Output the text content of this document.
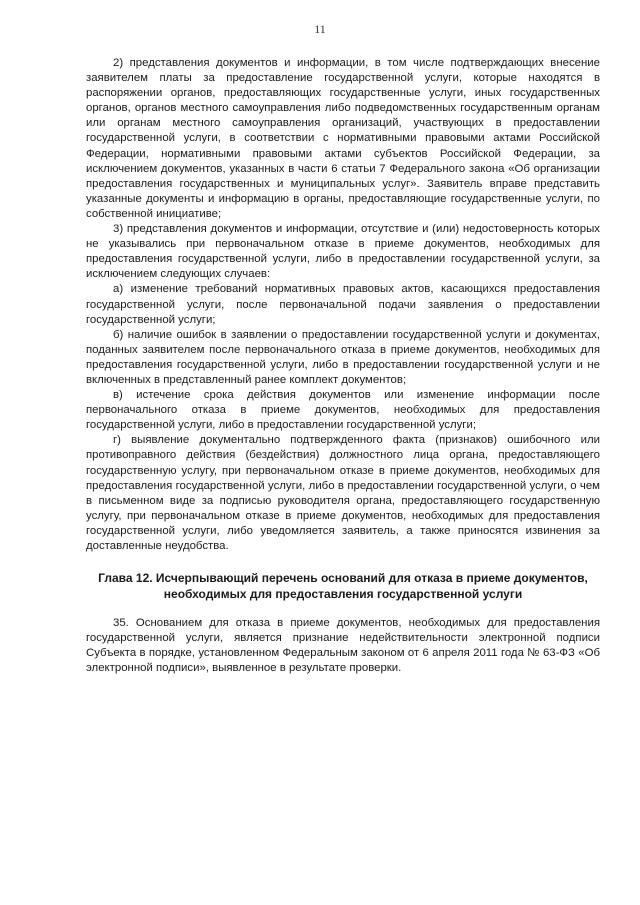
11

2) представления документов и информации, в том числе подтверждающих внесение заявителем платы за предоставление государственной услуги, которые находятся в распоряжении органов, предоставляющих государственные услуги, иных государственных органов, органов местного самоуправления либо подведомственных государственным органам или органам местного самоуправления организаций, участвующих в предоставлении государственной услуги, в соответствии с нормативными правовыми актами Российской Федерации, нормативными правовыми актами субъектов Российской Федерации, за исключением документов, указанных в части 6 статьи 7 Федерального закона «Об организации предоставления государственных и муниципальных услуг». Заявитель вправе представить указанные документы и информацию в органы, предоставляющие государственные услуги, по собственной инициативе;

3) представления документов и информации, отсутствие и (или) недостоверность которых не указывались при первоначальном отказе в приеме документов, необходимых для предоставления государственной услуги, либо в предоставлении государственной услуги, за исключением следующих случаев:

а) изменение требований нормативных правовых актов, касающихся предоставления государственной услуги, после первоначальной подачи заявления о предоставлении государственной услуги;

б) наличие ошибок в заявлении о предоставлении государственной услуги и документах, поданных заявителем после первоначального отказа в приеме документов, необходимых для предоставления государственной услуги, либо в предоставлении государственной услуги и не включенных в представленный ранее комплект документов;

в) истечение срока действия документов или изменение информации после первоначального отказа в приеме документов, необходимых для предоставления государственной услуги, либо в предоставлении государственной услуги;

г) выявление документально подтвержденного факта (признаков) ошибочного или противоправного действия (бездействия) должностного лица органа, предоставляющего государственную услугу, при первоначальном отказе в приеме документов, необходимых для предоставления государственной услуги, либо в предоставлении государственной услуги, о чем в письменном виде за подписью руководителя органа, предоставляющего государственную услугу, при первоначальном отказе в приеме документов, необходимых для предоставления государственной услуги, либо уведомляется заявитель, а также приносятся извинения за доставленные неудобства.

Глава 12. Исчерпывающий перечень оснований для отказа в приеме документов, необходимых для предоставления государственной услуги

35. Основанием для отказа в приеме документов, необходимых для предоставления государственной услуги, является признание недействительности электронной подписи Субъекта в порядке, установленном Федеральным законом от 6 апреля 2011 года № 63-ФЗ «Об электронной подписи», выявленное в результате проверки.
